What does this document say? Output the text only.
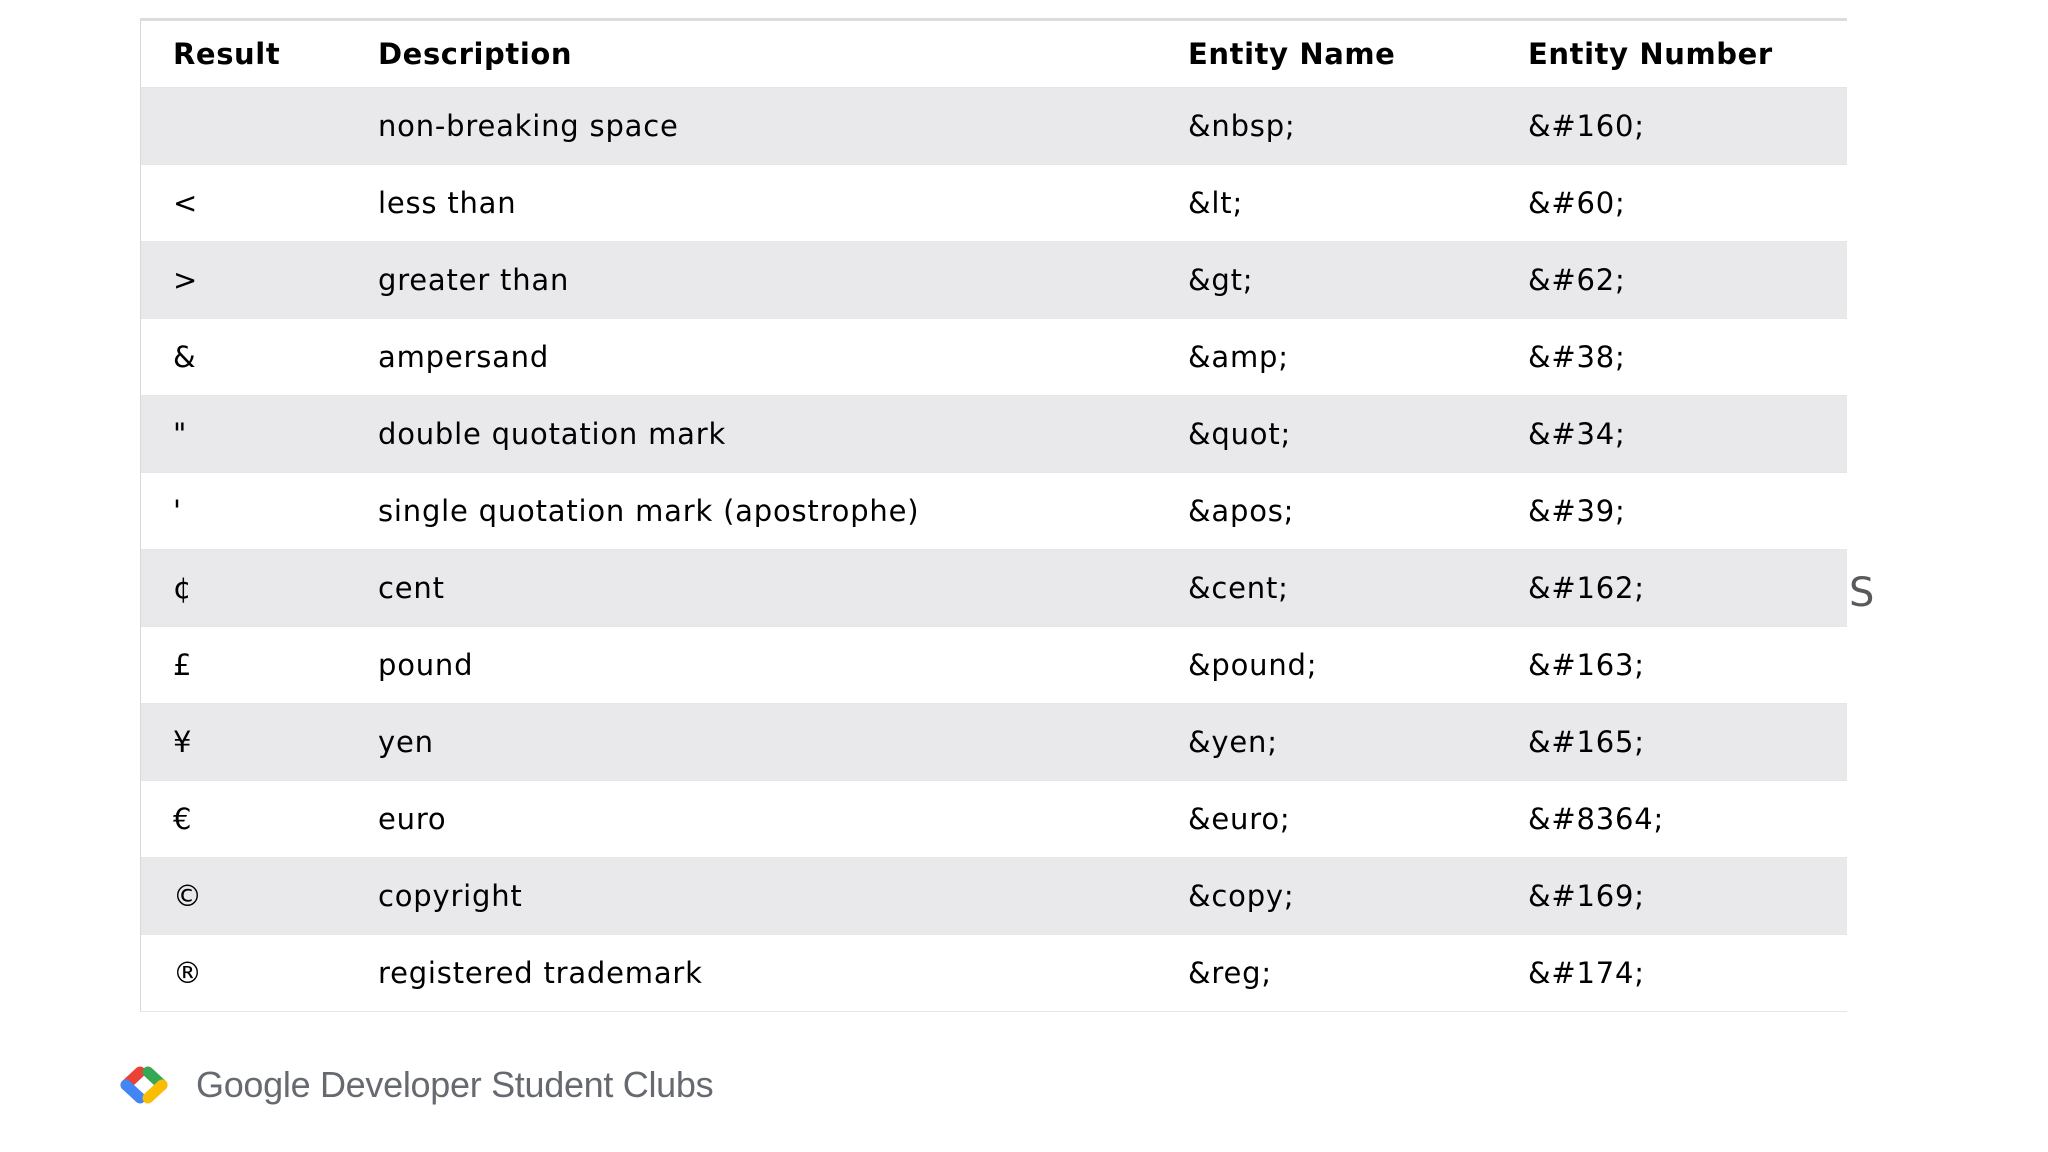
Result	Description	Entity Name	Entity Number
	non-breaking space	&nbsp;	&#160;
<	less than	&lt;	&#60;
>	greater than	&gt;	&#62;
&	ampersand	&amp;	&#38;
"	double quotation mark	&quot;	&#34;
'	single quotation mark (apostrophe)	&apos;	&#39;
¢	cent	&cent;	&#162;
£	pound	&pound;	&#163;
¥	yen	&yen;	&#165;
€	euro	&euro;	&#8364;
©	copyright	&copy;	&#169;
®	registered trademark	&reg;	&#174;
S
Google Developer Student Clubs
